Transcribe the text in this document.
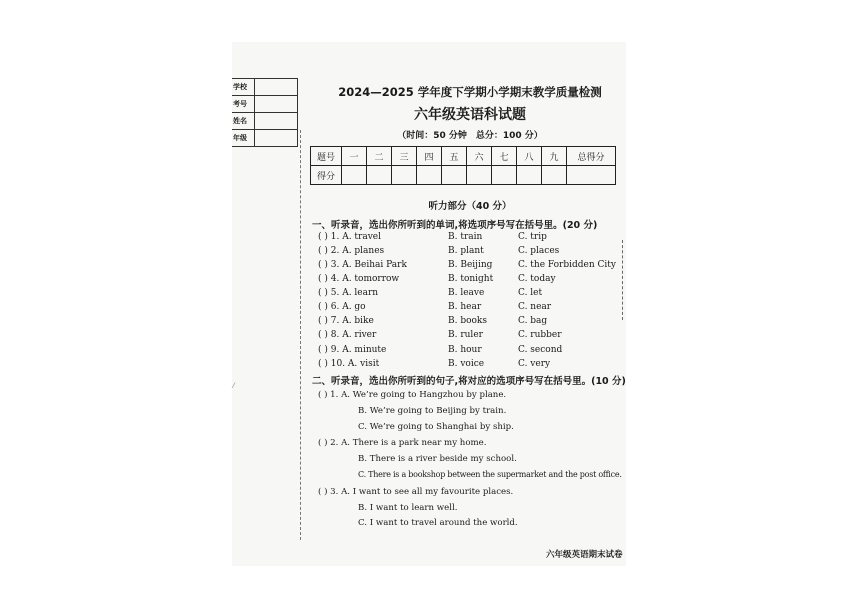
学校	
考号	
姓名	
年级	
⁄
2024—2025 学年度下学期小学期末教学质量检测
六年级英语科试题
（时间：50 分钟　总分：100 分）
题号	一	二	三	四	五	六	七	八	九	总得分
得分										
听力部分（40 分）
一、听录音，选出你所听到的单词,将选项序号写在括号里。(20 分)
( ) 1. A. travel	B. train	C. trip
( ) 2. A. planes	B. plant	C. places
( ) 3. A. Beihai Park	B. Beijing	C. the Forbidden City
( ) 4. A. tomorrow	B. tonight	C. today
( ) 5. A. learn	B. leave	C. let
( ) 6. A. go	B. hear	C. near
( ) 7. A. bike	B. books	C. bag
( ) 8. A. river	B. ruler	C. rubber
( ) 9. A. minute	B. hour	C. second
( ) 10. A. visit	B. voice	C. very
二、听录音，选出你所听到的句子,将对应的选项序号写在括号里。(10 分)
( ) 1. A. We’re going to Hangzhou by plane.
B. We’re going to Beijing by train.
C. We’re going to Shanghai by ship.
( ) 2. A. There is a park near my home.
B. There is a river beside my school.
C. There is a bookshop between the supermarket and the post office.
( ) 3. A. I want to see all my favourite places.
B. I want to learn well.
C. I want to travel around the world.
六年级英语期末试卷
